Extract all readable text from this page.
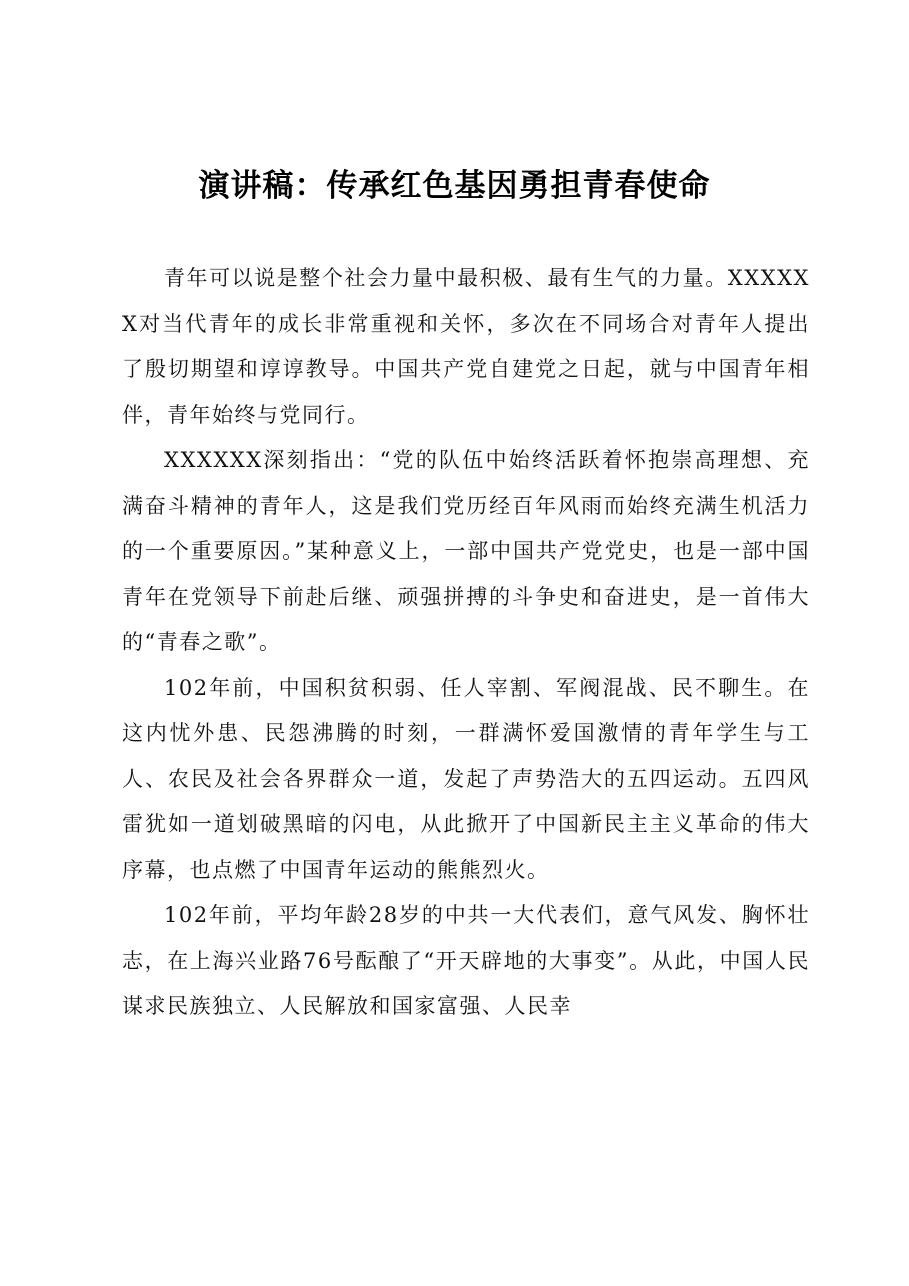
演讲稿：传承红色基因勇担青春使命

青年可以说是整个社会力量中最积极、最有生气的力量。XXXXXX对当代青年的成长非常重视和关怀，多次在不同场合对青年人提出了殷切期望和谆谆教导。中国共产党自建党之日起，就与中国青年相伴，青年始终与党同行。

XXXXXX深刻指出：“党的队伍中始终活跃着怀抱崇高理想、充满奋斗精神的青年人，这是我们党历经百年风雨而始终充满生机活力的一个重要原因。”某种意义上，一部中国共产党党史，也是一部中国青年在党领导下前赴后继、顽强拼搏的斗争史和奋进史，是一首伟大的“青春之歌”。

102年前，中国积贫积弱、任人宰割、军阀混战、民不聊生。在这内忧外患、民怨沸腾的时刻，一群满怀爱国激情的青年学生与工人、农民及社会各界群众一道，发起了声势浩大的五四运动。五四风雷犹如一道划破黑暗的闪电，从此掀开了中国新民主主义革命的伟大序幕，也点燃了中国青年运动的熊熊烈火。

102年前，平均年龄28岁的中共一大代表们，意气风发、胸怀壮志，在上海兴业路76号酝酿了“开天辟地的大事变”。从此，中国人民谋求民族独立、人民解放和国家富强、人民幸
